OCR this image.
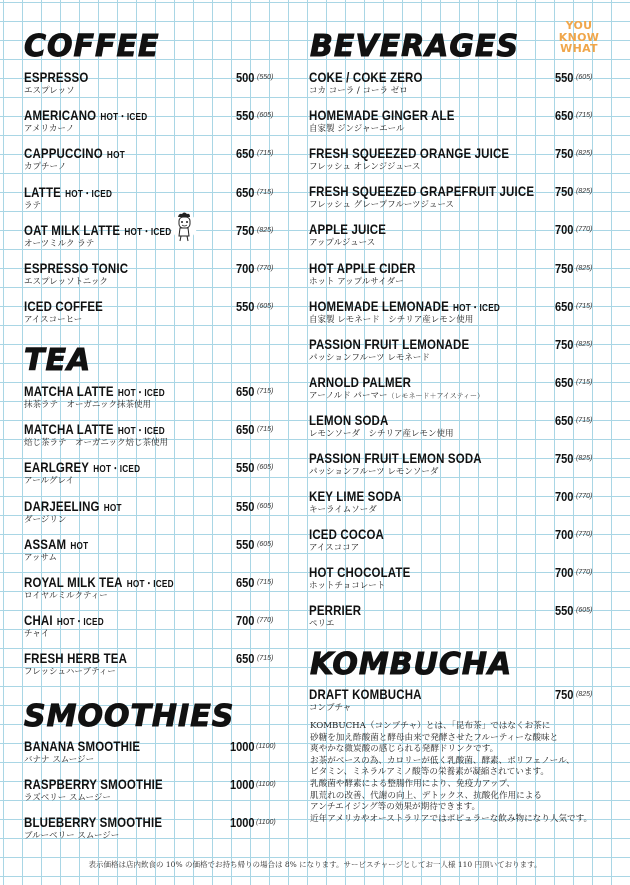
COFFEE
ESPRESSO
エスプレッソ
500 (550)
AMERICANO HOT・ICED
アメリカーノ
550 (605)
CAPPUCCINO HOT
カプチーノ
650 (715)
LATTE HOT・ICED
ラテ
650 (715)
OAT MILK LATTE HOT・ICED
オーツミルク ラテ
750 (825)
ESPRESSO TONIC
エスプレッソトニック
700 (770)
ICED COFFEE
アイスコーヒー
550 (605)
TEA
MATCHA LATTE HOT・ICED
抹茶ラテ　オーガニック抹茶使用
650 (715)
MATCHA LATTE HOT・ICED
焙じ茶ラテ　オーガニック焙じ茶使用
650 (715)
EARLGREY HOT・ICED
アールグレイ
550 (605)
DARJEELING HOT
ダージリン
550 (605)
ASSAM HOT
アッサム
550 (605)
ROYAL MILK TEA HOT・ICED
ロイヤルミルクティー
650 (715)
CHAI HOT・ICED
チャイ
700 (770)
FRESH HERB TEA
フレッシュハーブティー
650 (715)
SMOOTHIES
BANANA SMOOTHIE
バナナ スムージー
1000 (1100)
RASPBERRY SMOOTHIE
ラズベリー スムージー
1000 (1100)
BLUEBERRY SMOOTHIE
ブルーベリー スムージー
1000 (1100)
BEVERAGES
YOU
KNOW
WHAT
COKE / COKE ZERO
コカ コーラ / コーラ ゼロ
550 (605)
HOMEMADE GINGER ALE
自家製 ジンジャーエール
650 (715)
FRESH SQUEEZED ORANGE JUICE
フレッシュ オレンジジュース
750 (825)
FRESH SQUEEZED GRAPEFRUIT JUICE
フレッシュ グレープフルーツジュース
750 (825)
APPLE JUICE
アップルジュース
700 (770)
HOT APPLE CIDER
ホット アップルサイダー
750 (825)
HOMEMADE LEMONADE HOT・ICED
自家製 レモネード　シチリア産レモン使用
650 (715)
PASSION FRUIT LEMONADE
パッションフルーツ レモネード
750 (825)
ARNOLD PALMER
アーノルド パーマー（レモネード＋アイスティー）
650 (715)
LEMON SODA
レモンソーダ　シチリア産レモン使用
650 (715)
PASSION FRUIT LEMON SODA
パッションフルーツ レモンソーダ
750 (825)
KEY LIME SODA
キーライムソーダ
700 (770)
ICED COCOA
アイスココア
700 (770)
HOT CHOCOLATE
ホットチョコレート
700 (770)
PERRIER
ペリエ
550 (605)
KOMBUCHA
DRAFT KOMBUCHA
コンブチャ
750 (825)

KOMBUCHA（コンブチャ）とは、「昆布茶」ではなくお茶に

砂糖を加え酢酸菌と酵母由来で発酵させたフルーティーな酸味と

爽やかな微炭酸の感じられる発酵ドリンクです。

お茶がベースの為、カロリーが低く乳酸菌、酵素、ポリフェノール、

ビタミン、ミネラルアミノ酸等の栄養素が凝縮されています。

乳酸菌や酵素による整腸作用により、免疫力アップ、

肌荒れの改善、代謝の向上、デトックス、抗酸化作用による

アンチエイジング等の効果が期待できます。

近年アメリカやオーストラリアではポピュラーな飲み物になり人気です。

表示価格は店内飲食の 10% の価格でお持ち帰りの場合は 8% になります。サービスチャージとしてお一人様 110 円頂いております。
